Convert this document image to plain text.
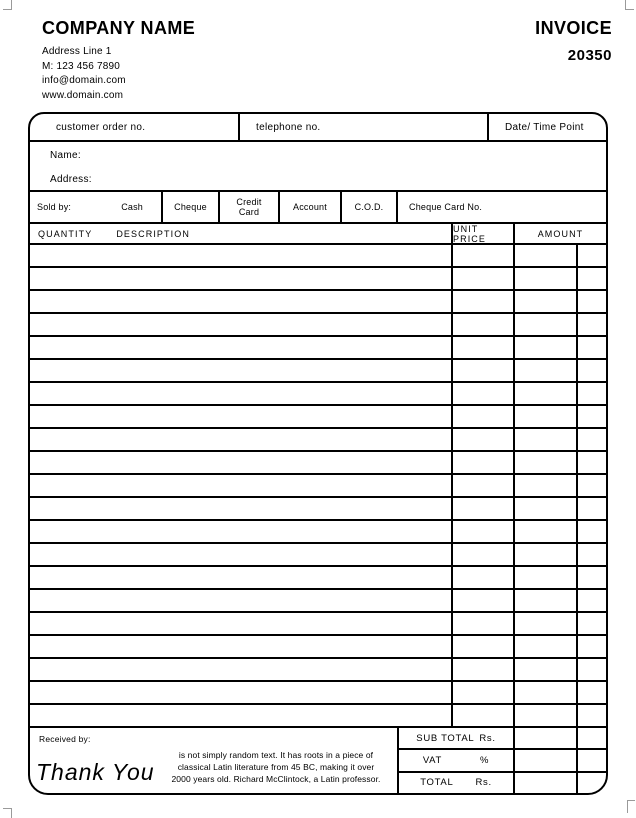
COMPANY NAME
Address Line 1
M: 123 456 7890
info@domain.com
www.domain.com
INVOICE
20350
customer order no.	telephone no.	Date/ Time Point
Name:
Address:
Sold by:	Cash	Cheque	Credit Card	Account	C.O.D.	Cheque Card No.
QUANTITY	DESCRIPTION	UNIT PRICE	AMOUNT
Received by:
Thank You
is not simply random text. It has roots in a piece of
classical Latin literature from 45 BC, making it over
2000 years old. Richard McClintock, a Latin professor.
SUB TOTAL Rs.
VAT	%
TOTAL Rs.
